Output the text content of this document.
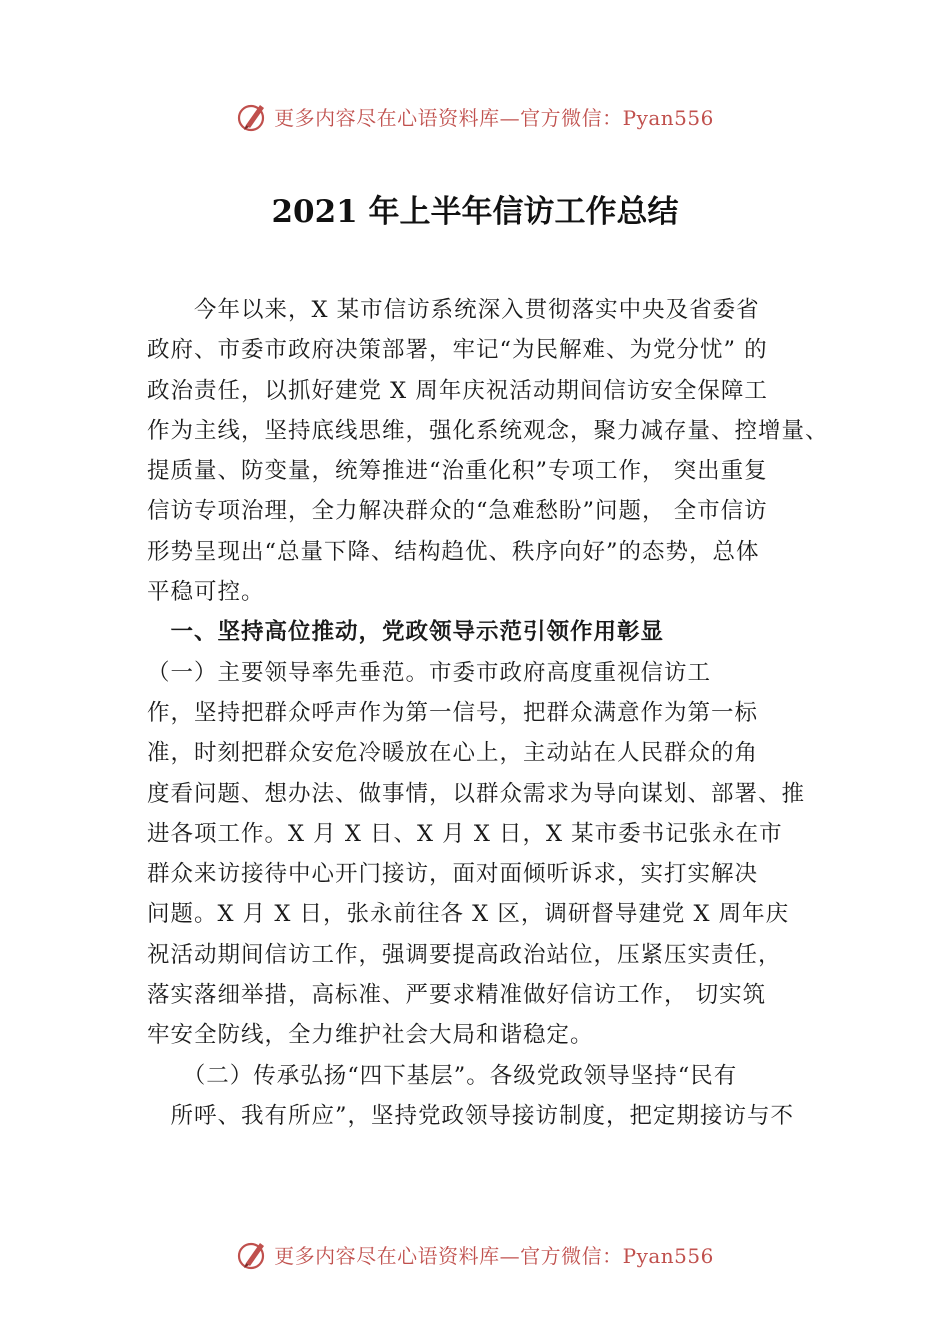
更多内容尽在心语资料库—官方微信：Pyan556
2021 年上半年信访工作总结
　　今年以来，X 某市信访系统深入贯彻落实中央及省委省
政府、市委市政府决策部署，牢记“为民解难、为党分忧” 的
政治责任，以抓好建党 X 周年庆祝活动期间信访安全保障工
作为主线，坚持底线思维，强化系统观念，聚力减存量、控增量、
提质量、防变量，统筹推进“治重化积”专项工作， 突出重复
信访专项治理，全力解决群众的“急难愁盼”问题， 全市信访
形势呈现出“总量下降、结构趋优、秩序向好”的态势，总体
平稳可控。
　一、坚持高位推动，党政领导示范引领作用彰显
（一）主要领导率先垂范。市委市政府高度重视信访工
作，坚持把群众呼声作为第一信号，把群众满意作为第一标
准，时刻把群众安危冷暖放在心上，主动站在人民群众的角
度看问题、想办法、做事情，以群众需求为导向谋划、部署、推
进各项工作。X 月 X 日、X 月 X 日，X 某市委书记张永在市
群众来访接待中心开门接访，面对面倾听诉求，实打实解决
问题。X 月 X 日，张永前往各 X 区，调研督导建党 X 周年庆
祝活动期间信访工作，强调要提高政治站位，压紧压实责任，
落实落细举措，高标准、严要求精准做好信访工作， 切实筑
牢安全防线，全力维护社会大局和谐稳定。
　　（二）传承弘扬“四下基层”。各级党政领导坚持“民有
　所呼、我有所应”，坚持党政领导接访制度，把定期接访与不
更多内容尽在心语资料库—官方微信：Pyan556
